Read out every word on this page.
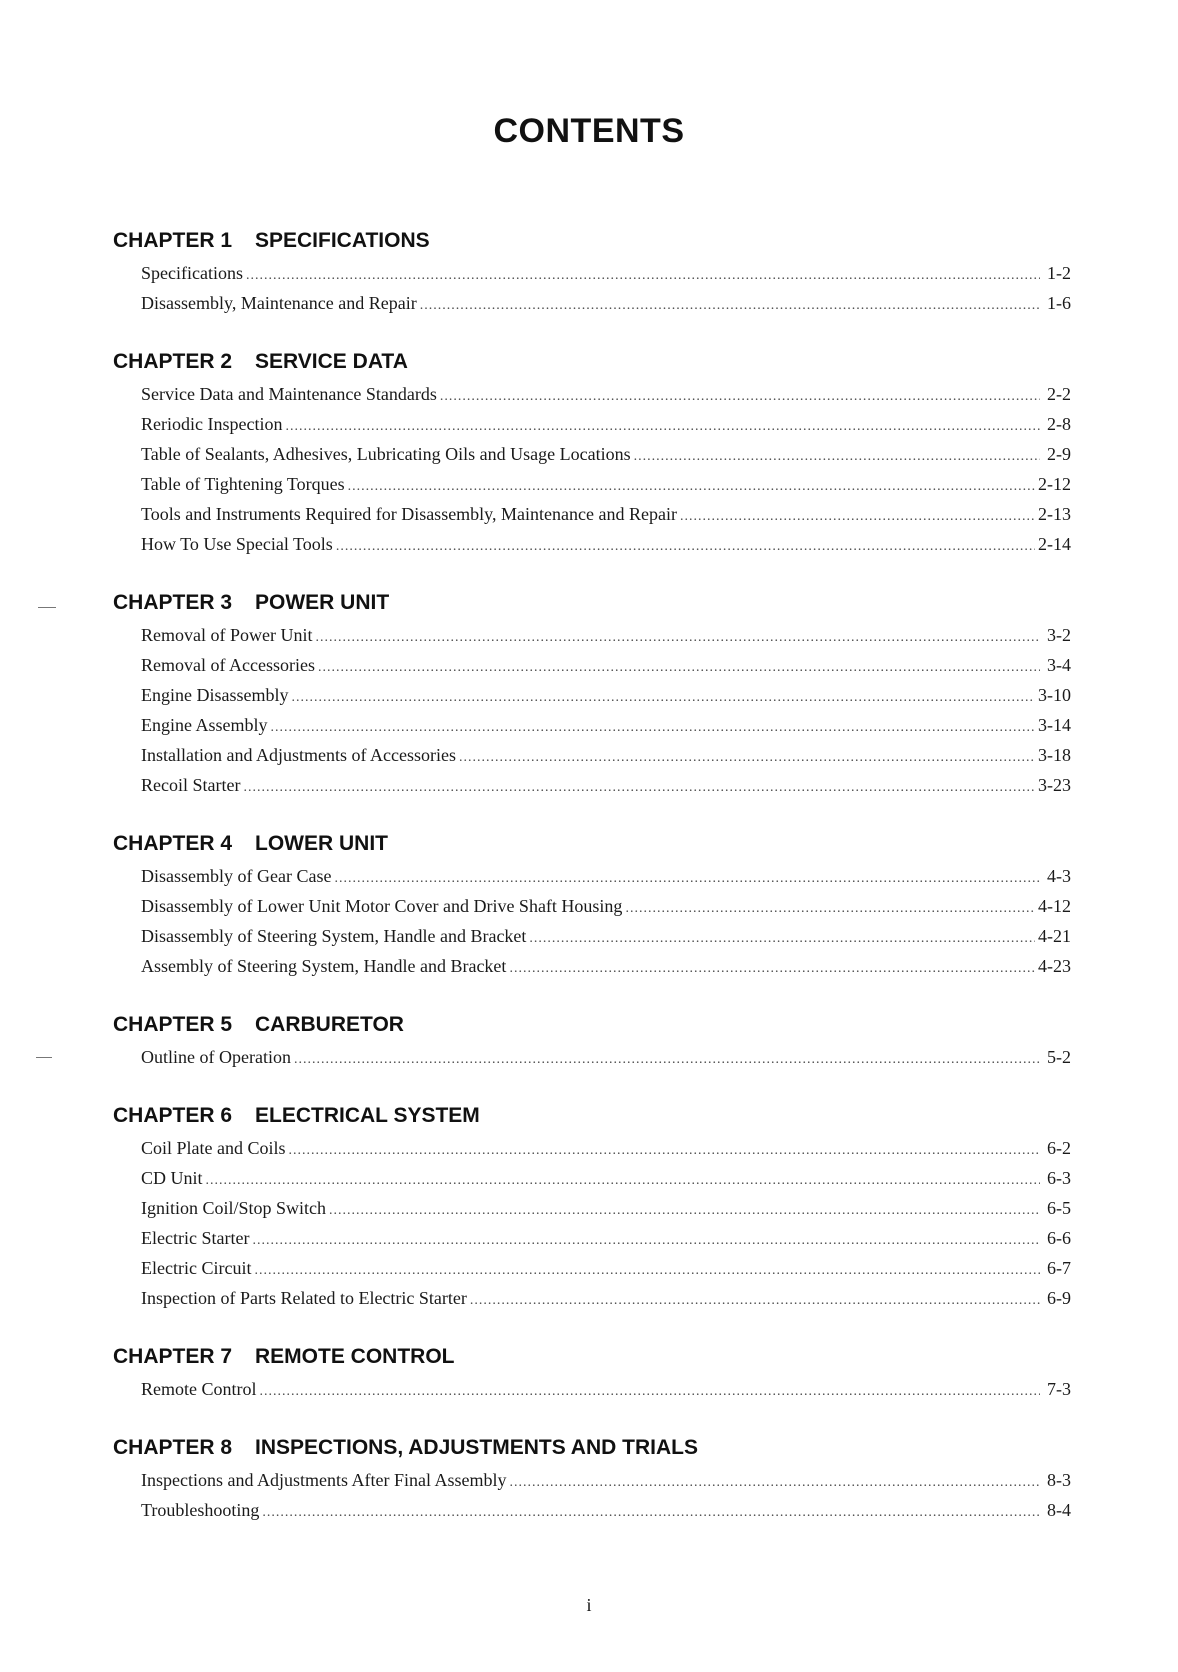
CONTENTS
CHAPTER 1 SPECIFICATIONS
Specifications .....	1-2
Disassembly, Maintenance and Repair .....	1-6
CHAPTER 2 SERVICE DATA
Service Data and Maintenance Standards .....	2-2
Reriodic Inspection .....	2-8
Table of Sealants, Adhesives, Lubricating Oils and Usage Locations .....	2-9
Table of Tightening Torques .....	2-12
Tools and Instruments Required for Disassembly, Maintenance and Repair .....	2-13
How To Use Special Tools .....	2-14
CHAPTER 3 POWER UNIT
Removal of Power Unit .....	3-2
Removal of Accessories .....	3-4
Engine Disassembly .....	3-10
Engine Assembly .....	3-14
Installation and Adjustments of Accessories .....	3-18
Recoil Starter .....	3-23
CHAPTER 4 LOWER UNIT
Disassembly of Gear Case .....	4-3
Disassembly of Lower Unit Motor Cover and Drive Shaft Housing .....	4-12
Disassembly of Steering System, Handle and Bracket .....	4-21
Assembly of Steering System, Handle and Bracket .....	4-23
CHAPTER 5 CARBURETOR
Outline of Operation .....	5-2
CHAPTER 6 ELECTRICAL SYSTEM
Coil Plate and Coils .....	6-2
CD Unit .....	6-3
Ignition Coil/Stop Switch .....	6-5
Electric Starter .....	6-6
Electric Circuit .....	6-7
Inspection of Parts Related to Electric Starter .....	6-9
CHAPTER 7 REMOTE CONTROL
Remote Control .....	7-3
CHAPTER 8 INSPECTIONS, ADJUSTMENTS AND TRIALS
Inspections and Adjustments After Final Assembly .....	8-3
Troubleshooting .....	8-4
i
